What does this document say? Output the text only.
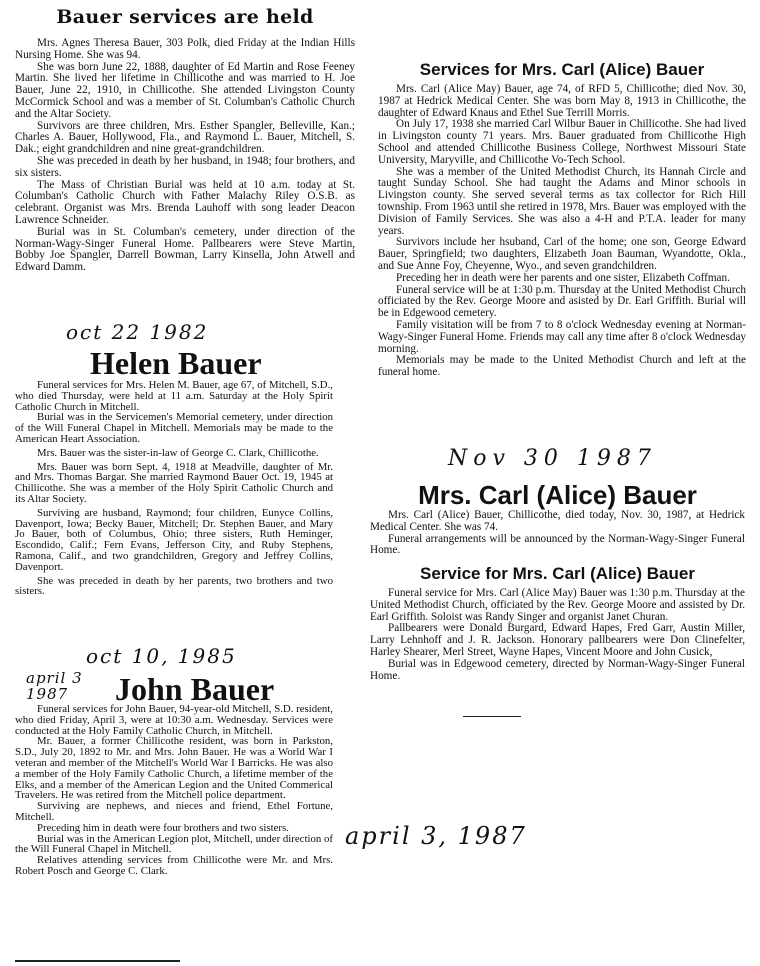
Bauer services are held

Mrs. Agnes Theresa Bauer, 303 Polk, died Friday at the Indian Hills Nursing Home. She was 94.

She was born June 22, 1888, daughter of Ed Martin and Rose Feeney Martin. She lived her lifetime in Chillicothe and was married to H. Joe Bauer, June 22, 1910, in Chillicothe. She attended Livingston County McCormick School and was a member of St. Columban's Catholic Church and the Altar Society.

Survivors are three children, Mrs. Esther Spangler, Belleville, Kan.; Charles A. Bauer, Hollywood, Fla., and Raymond L. Bauer, Mitchell, S. Dak.; eight grandchildren and nine great-grandchildren.

She was preceded in death by her husband, in 1948; four brothers, and six sisters.

The Mass of Christian Burial was held at 10 a.m. today at St. Columban's Catholic Church with Father Malachy Riley O.S.B. as celebrant. Organist was Mrs. Brenda Lauhoff with song leader Deacon Lawrence Schneider.

Burial was in St. Columban's cemetery, under direction of the Norman-Wagy-Singer Funeral Home. Pallbearers were Steve Martin, Bobby Joe Spangler, Darrell Bowman, Larry Kinsella, John Atwell and Edward Damm.

oct 22 1982
Helen Bauer

Funeral services for Mrs. Helen M. Bauer, age 67, of Mitchell, S.D., who died Thursday, were held at 11 a.m. Saturday at the Holy Spirit Catholic Church in Mitchell.

Burial was in the Servicemen's Memorial cemetery, under direction of the Will Funeral Chapel in Mitchell. Memorials may be made to the American Heart Association.

Mrs. Bauer was the sister-in-law of George C. Clark, Chillicothe.

Mrs. Bauer was born Sept. 4, 1918 at Meadville, daughter of Mr. and Mrs. Thomas Bargar. She married Raymond Bauer Oct. 19, 1945 at Chillicothe. She was a member of the Holy Spirit Catholic Church and its Altar Society.

Surviving are husband, Raymond; four children, Eunyce Collins, Davenport, Iowa; Becky Bauer, Mitchell; Dr. Stephen Bauer, and Mary Jo Bauer, both of Columbus, Ohio; three sisters, Ruth Heminger, Escondido, Calif.; Fern Evans, Jefferson City, and Ruby Stephens, Ramona, Calif., and two grandchildren, Gregory and Jeffrey Collins, Davenport.

She was preceded in death by her parents, two brothers and two sisters.

oct 10, 1985
april 3 1987	John Bauer

Funeral services for John Bauer, 94-year-old Mitchell, S.D. resident, who died Friday, April 3, were at 10:30 a.m. Wednesday. Services were conducted at the Holy Family Catholic Church, in Mitchell.

Mr. Bauer, a former Chillicothe resident, was born in Parkston, S.D., July 20, 1892 to Mr. and Mrs. John Bauer. He was a World War I veteran and member of the Mitchell's World War I Barricks. He was also a member of the Holy Family Catholic Church, a lifetime member of the Elks, and a member of the American Legion and the United Commerical Travelers. He was retired from the Mitchell police department.

Surviving are nephews, and nieces and friend, Ethel Fortune, Mitchell.

Preceding him in death were four brothers and two sisters.

Burial was in the American Legion plot, Mitchell, under direction of the Will Funeral Chapel in Mitchell.

Relatives attending services from Chillicothe were Mr. and Mrs. Robert Posch and George C. Clark.

Services for Mrs. Carl (Alice) Bauer

Mrs. Carl (Alice May) Bauer, age 74, of RFD 5, Chillicothe; died Nov. 30, 1987 at Hedrick Medical Center. She was born May 8, 1913 in Chillicothe, the daughter of Edward Knaus and Ethel Sue Terrill Morris.

On July 17, 1938 she married Carl Wilbur Bauer in Chillicothe. She had lived in Livingston county 71 years. Mrs. Bauer graduated from Chillicothe High School and attended Chillicothe Business College, Northwest Missouri State University, Maryville, and Chillicothe Vo-Tech School.

She was a member of the United Methodist Church, its Hannah Circle and taught Sunday School. She had taught the Adams and Minor schools in Livingston county. She served several terms as tax collector for Rich Hill township. From 1963 until she retired in 1978, Mrs. Bauer was employed with the Division of Family Services. She was also a 4-H and P.T.A. leader for many years.

Survivors include her hsuband, Carl of the home; one son, George Edward Bauer, Springfield; two daughters, Elizabeth Joan Bauman, Wyandotte, Okla., and Sue Anne Foy, Cheyenne, Wyo., and seven grandchildren.

Preceding her in death were her parents and one sister, Elizabeth Coffman.

Funeral service will be at 1:30 p.m. Thursday at the United Methodist Church officiated by the Rev. George Moore and asisted by Dr. Earl Griffith. Burial will be in Edgewood cemetery.

Family visitation will be from 7 to 8 o'clock Wednesday evening at Norman-Wagy-Singer Funeral Home. Friends may call any time after 8 o'clock Wednesday morning.

Memorials may be made to the United Methodist Church and left at the funeral home.

Nov 30 1987
Mrs. Carl (Alice) Bauer

Mrs. Carl (Alice) Bauer, Chillicothe, died today, Nov. 30, 1987, at Hedrick Medical Center. She was 74.

Funeral arrangements will be announced by the Norman-Wagy-Singer Funeral Home.

Service for Mrs. Carl (Alice) Bauer

Funeral service for Mrs. Carl (Alice May) Bauer was 1:30 p.m. Thursday at the United Methodist Church, officiated by the Rev. George Moore and assisted by Dr. Earl Griffith. Soloist was Randy Singer and organist Janet Churan.

Pallbearers were Donald Burgard, Edward Hapes, Fred Garr, Austin Miller, Larry Lehnhoff and J. R. Jackson. Honorary pallbearers were Don Clinefelter, Harley Shearer, Merl Street, Wayne Hapes, Vincent Moore and John Cusick,

Burial was in Edgewood cemetery, directed by Norman-Wagy-Singer Funeral Home.

april 3, 1987
